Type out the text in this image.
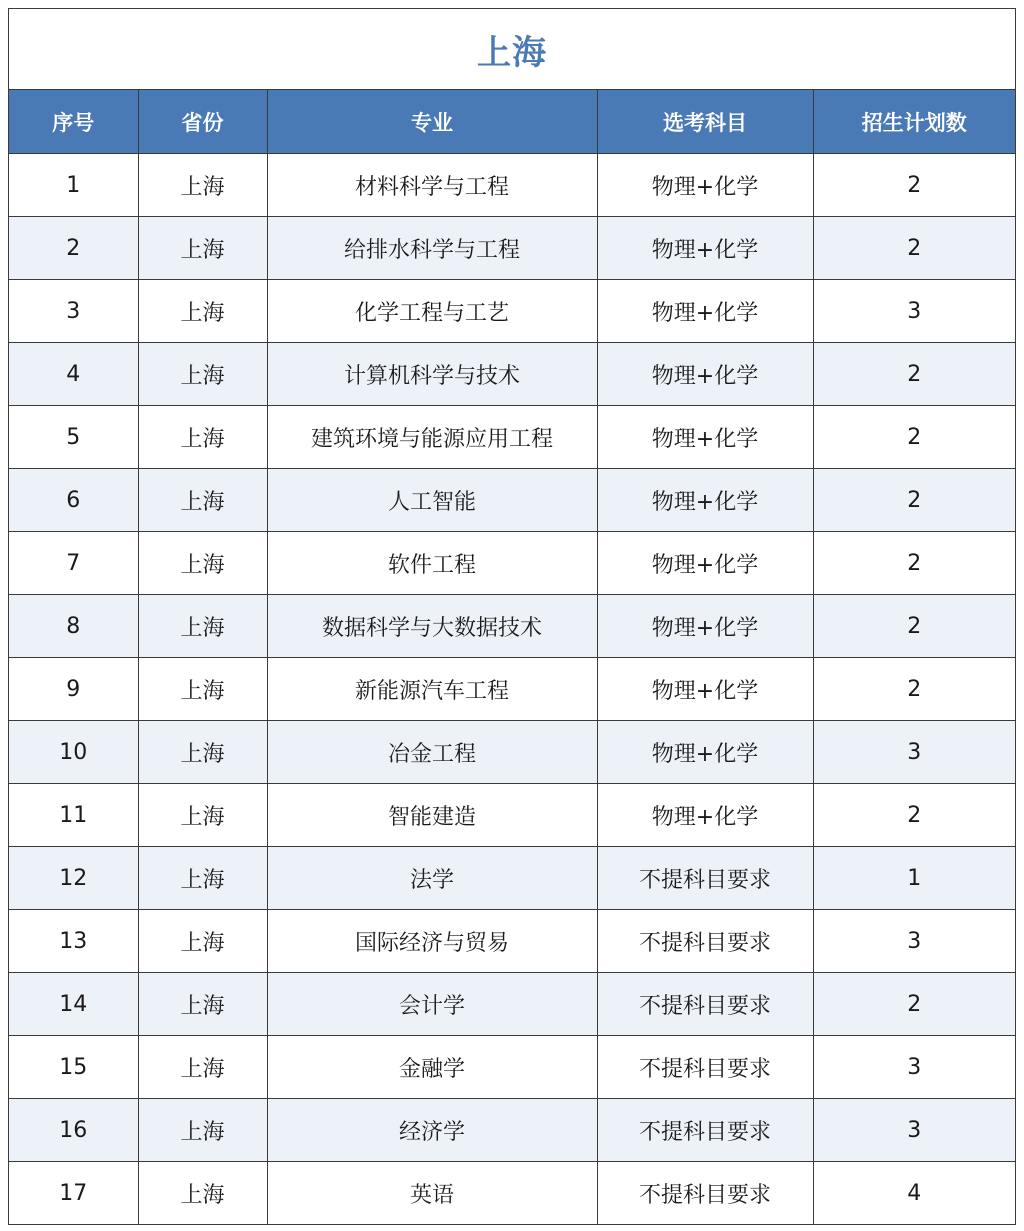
上海
序号	省份	专业	选考科目	招生计划数
1	上海	材料科学与工程	物理+化学	2
2	上海	给排水科学与工程	物理+化学	2
3	上海	化学工程与工艺	物理+化学	3
4	上海	计算机科学与技术	物理+化学	2
5	上海	建筑环境与能源应用工程	物理+化学	2
6	上海	人工智能	物理+化学	2
7	上海	软件工程	物理+化学	2
8	上海	数据科学与大数据技术	物理+化学	2
9	上海	新能源汽车工程	物理+化学	2
10	上海	冶金工程	物理+化学	3
11	上海	智能建造	物理+化学	2
12	上海	法学	不提科目要求	1
13	上海	国际经济与贸易	不提科目要求	3
14	上海	会计学	不提科目要求	2
15	上海	金融学	不提科目要求	3
16	上海	经济学	不提科目要求	3
17	上海	英语	不提科目要求	4
